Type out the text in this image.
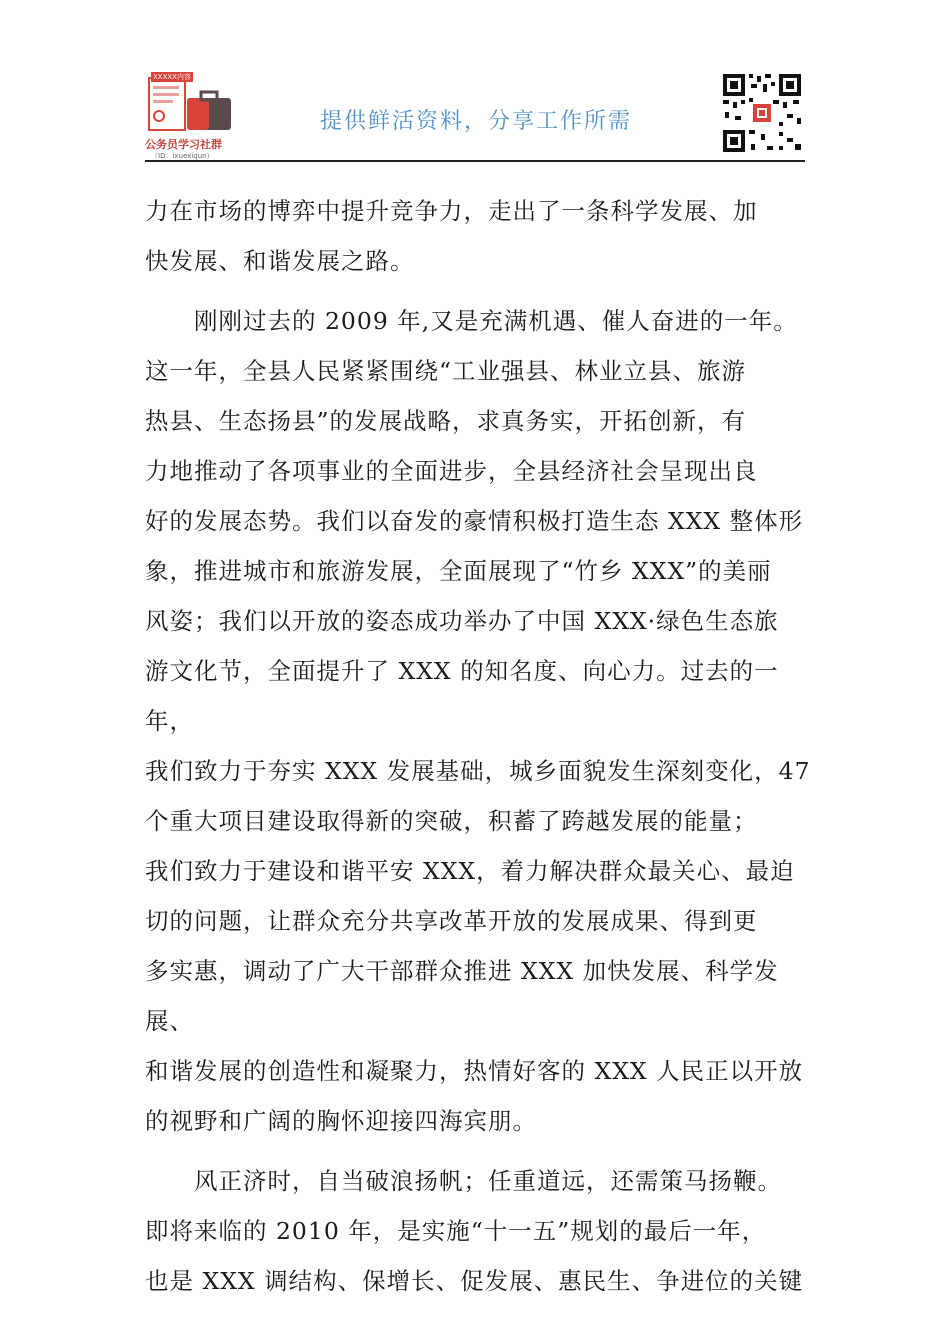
XXXXX内容
公务员学习社群
（ID：ixuexiqun）
提供鲜活资料，分享工作所需

力在市场的博弈中提升竞争力，走出了一条科学发展、加

快发展、和谐发展之路。

刚刚过去的 2009 年,又是充满机遇、催人奋进的一年。

这一年，全县人民紧紧围绕“工业强县、林业立县、旅游

热县、生态扬县”的发展战略，求真务实，开拓创新，有

力地推动了各项事业的全面进步，全县经济社会呈现出良

好的发展态势。我们以奋发的豪情积极打造生态 XXX 整体形

象，推进城市和旅游发展，全面展现了“竹乡 XXX”的美丽

风姿；我们以开放的姿态成功举办了中国 XXX·绿色生态旅

游文化节，全面提升了 XXX 的知名度、向心力。过去的一年，

我们致力于夯实 XXX 发展基础，城乡面貌发生深刻变化，47

个重大项目建设取得新的突破，积蓄了跨越发展的能量；

我们致力于建设和谐平安 XXX，着力解决群众最关心、最迫

切的问题，让群众充分共享改革开放的发展成果、得到更

多实惠，调动了广大干部群众推进 XXX 加快发展、科学发展、

和谐发展的创造性和凝聚力，热情好客的 XXX 人民正以开放

的视野和广阔的胸怀迎接四海宾朋。

风正济时，自当破浪扬帆；任重道远，还需策马扬鞭。

即将来临的 2010 年，是实施“十一五”规划的最后一年，

也是 XXX 调结构、保增长、促发展、惠民生、争进位的关键
